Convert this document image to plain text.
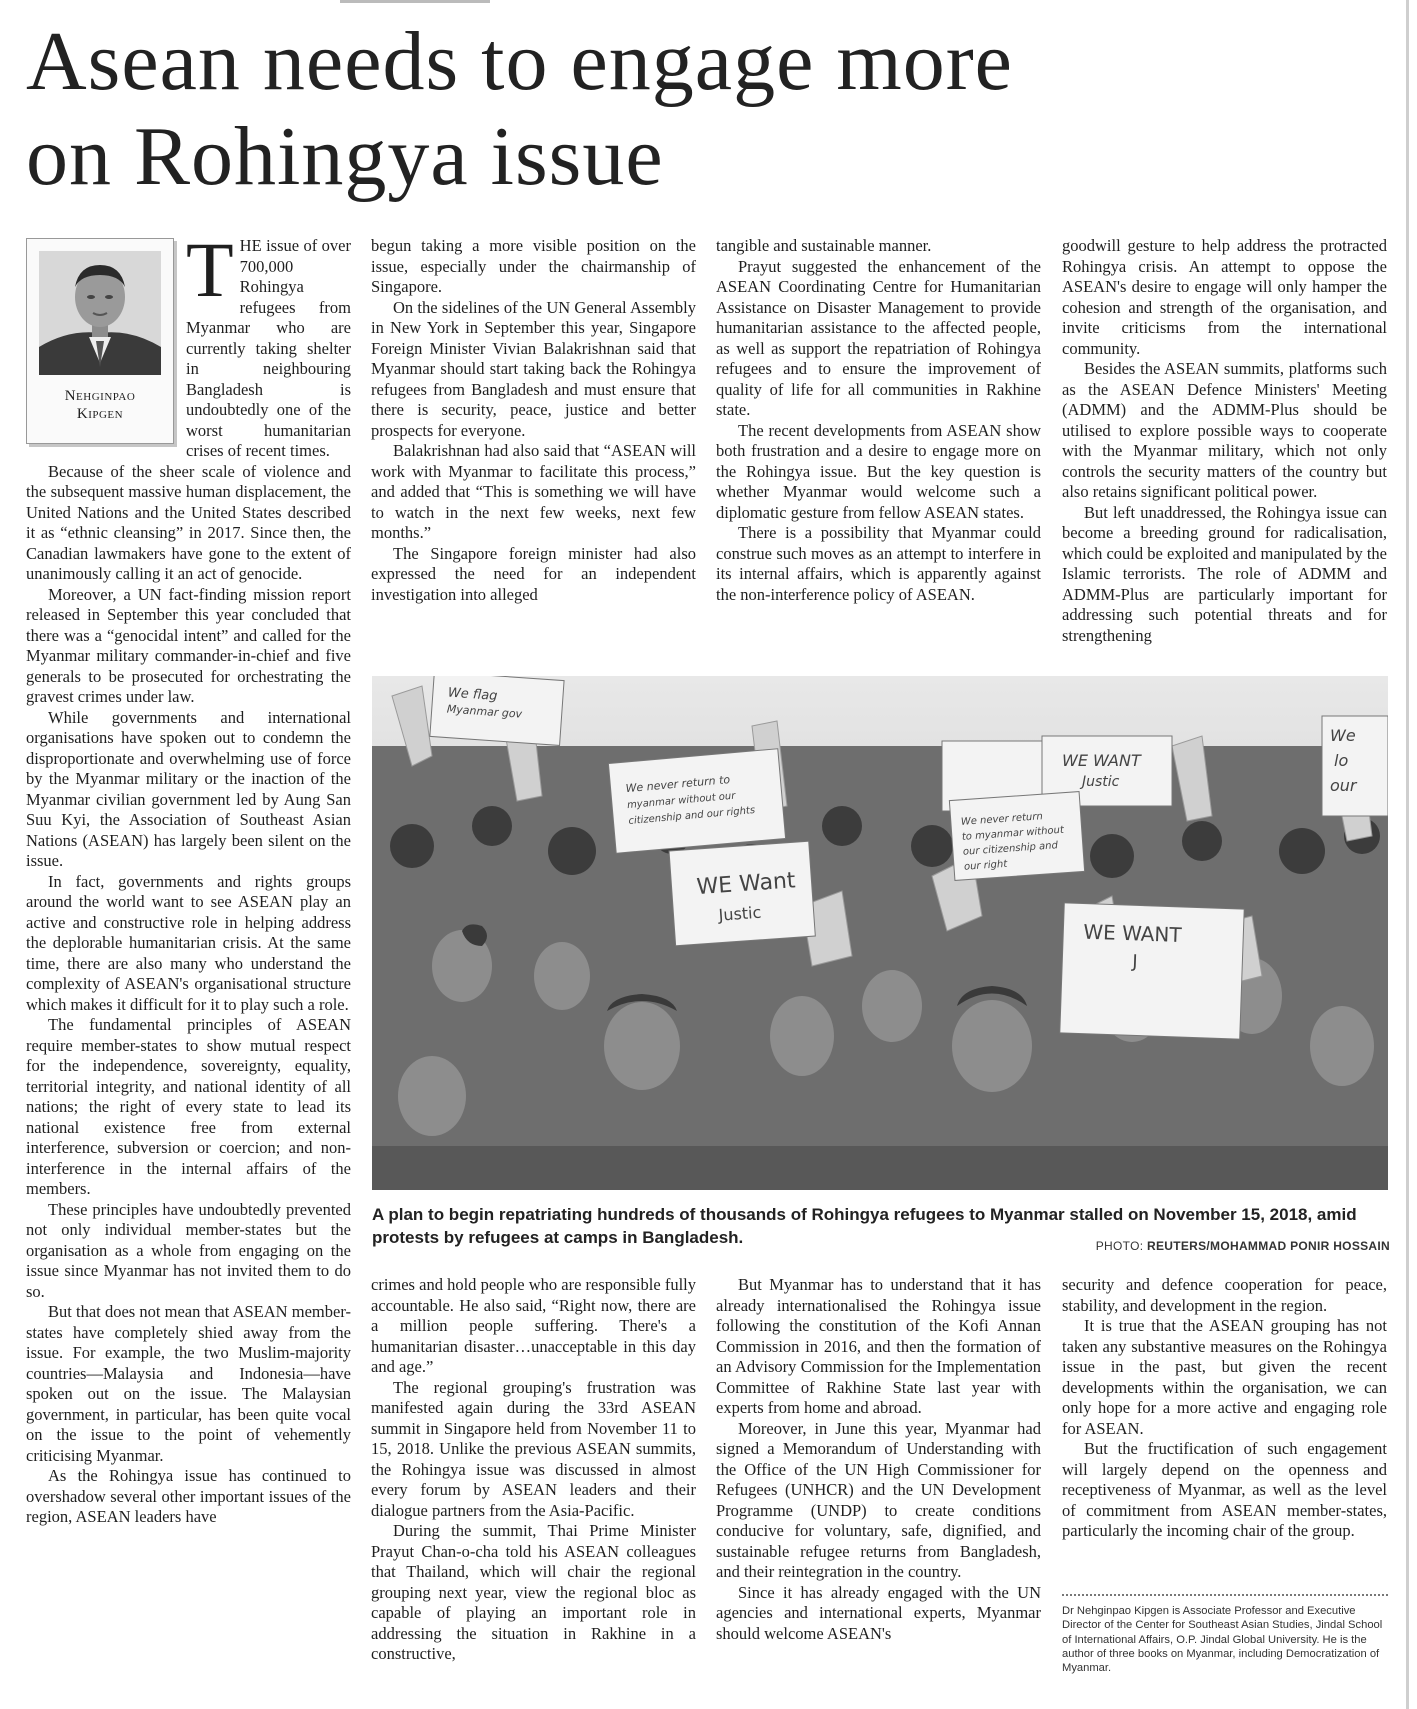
Asean needs to engage more
on Rohingya issue
Nehginpao
Kipgen

THE issue of over 700,000 Rohingya refugees from Myanmar who are currently taking shelter in neighbouring Bangladesh is undoubtedly one of the worst humanitarian crises of recent times.

Because of the sheer scale of violence and the subsequent massive human displacement, the United Nations and the United States described it as “ethnic cleansing” in 2017. Since then, the Canadian lawmakers have gone to the extent of unanimously calling it an act of genocide.

Moreover, a UN fact-finding mission report released in September this year concluded that there was a “genocidal intent” and called for the Myanmar military commander-in-chief and five generals to be prosecuted for orchestrating the gravest crimes under law.

While governments and international organisations have spoken out to condemn the disproportionate and overwhelming use of force by the Myanmar military or the inaction of the Myanmar civilian government led by Aung San Suu Kyi, the Association of Southeast Asian Nations (ASEAN) has largely been silent on the issue.

In fact, governments and rights groups around the world want to see ASEAN play an active and constructive role in helping address the deplorable humanitarian crisis. At the same time, there are also many who understand the complexity of ASEAN's organisational structure which makes it difficult for it to play such a role.

The fundamental principles of ASEAN require member-states to show mutual respect for the independence, sovereignty, equality, territorial integrity, and national identity of all nations; the right of every state to lead its national existence free from external interference, subversion or coercion; and non-interference in the internal affairs of the members.

These principles have undoubtedly prevented not only individual member-states but the organisation as a whole from engaging on the issue since Myanmar has not invited them to do so.

But that does not mean that ASEAN member-states have completely shied away from the issue. For example, the two Muslim-majority countries—Malaysia and Indonesia—have spoken out on the issue. The Malaysian government, in particular, has been quite vocal on the issue to the point of vehemently criticising Myanmar.

As the Rohingya issue has continued to overshadow several other important issues of the region, ASEAN leaders have

begun taking a more visible position on the issue, especially under the chairmanship of Singapore.

On the sidelines of the UN General Assembly in New York in September this year, Singapore Foreign Minister Vivian Balakrishnan said that Myanmar should start taking back the Rohingya refugees from Bangladesh and must ensure that there is security, peace, justice and better prospects for everyone.

Balakrishnan had also said that “ASEAN will work with Myanmar to facilitate this process,” and added that “This is something we will have to watch in the next few weeks, next few months.”

The Singapore foreign minister had also expressed the need for an independent investigation into alleged

tangible and sustainable manner.

Prayut suggested the enhancement of the ASEAN Coordinating Centre for Humanitarian Assistance on Disaster Management to provide humanitarian assistance to the affected people, as well as support the repatriation of Rohingya refugees and to ensure the improvement of quality of life for all communities in Rakhine state.

The recent developments from ASEAN show both frustration and a desire to engage more on the Rohingya issue. But the key question is whether Myanmar would welcome such a diplomatic gesture from fellow ASEAN states.

There is a possibility that Myanmar could construe such moves as an attempt to interfere in its internal affairs, which is apparently against the non-interference policy of ASEAN.

goodwill gesture to help address the protracted Rohingya crisis. An attempt to oppose the ASEAN's desire to engage will only hamper the cohesion and strength of the organisation, and invite criticisms from the international community.

Besides the ASEAN summits, platforms such as the ASEAN Defence Ministers' Meeting (ADMM) and the ADMM-Plus should be utilised to explore possible ways to cooperate with the Myanmar military, which not only controls the security matters of the country but also retains significant political power.

But left unaddressed, the Rohingya issue can become a breeding ground for radicalisation, which could be exploited and manipulated by the Islamic terrorists. The role of ADMM and ADMM-Plus are particularly important for addressing such potential threats and for strengthening

We flag
Myanmar gov
We never return to
myanmar without our
citizenship and our rights
WE Want
Justic
WE WANT
Justic
We never return
to myanmar without
our citizenship and
our right
WE WANT
J
We
lo
our
A plan to begin repatriating hundreds of thousands of Rohingya refugees to Myanmar stalled on November 15, 2018, amid protests by refugees at camps in Bangladesh.	PHOTO: REUTERS/MOHAMMAD PONIR HOSSAIN

crimes and hold people who are responsible fully accountable. He also said, “Right now, there are a million people suffering. There's a humanitarian disaster…unacceptable in this day and age.”

The regional grouping's frustration was manifested again during the 33rd ASEAN summit in Singapore held from November 11 to 15, 2018. Unlike the previous ASEAN summits, the Rohingya issue was discussed in almost every forum by ASEAN leaders and their dialogue partners from the Asia-Pacific.

During the summit, Thai Prime Minister Prayut Chan-o-cha told his ASEAN colleagues that Thailand, which will chair the regional grouping next year, view the regional bloc as capable of playing an important role in addressing the situation in Rakhine in a constructive,

But Myanmar has to understand that it has already internationalised the Rohingya issue following the constitution of the Kofi Annan Commission in 2016, and then the formation of an Advisory Commission for the Implementation Committee of Rakhine State last year with experts from home and abroad.

Moreover, in June this year, Myanmar had signed a Memorandum of Understanding with the Office of the UN High Commissioner for Refugees (UNHCR) and the UN Development Programme (UNDP) to create conditions conducive for voluntary, safe, dignified, and sustainable refugee returns from Bangladesh, and their reintegration in the country.

Since it has already engaged with the UN agencies and international experts, Myanmar should welcome ASEAN's

security and defence cooperation for peace, stability, and development in the region.

It is true that the ASEAN grouping has not taken any substantive measures on the Rohingya issue in the past, but given the recent developments within the organisation, we can only hope for a more active and engaging role for ASEAN.

But the fructification of such engagement will largely depend on the openness and receptiveness of Myanmar, as well as the level of commitment from ASEAN member-states, particularly the incoming chair of the group.

Dr Nehginpao Kipgen is Associate Professor and Executive Director of the Center for Southeast Asian Studies, Jindal School of International Affairs, O.P. Jindal Global University. He is the author of three books on Myanmar, including Democratization of Myanmar.
